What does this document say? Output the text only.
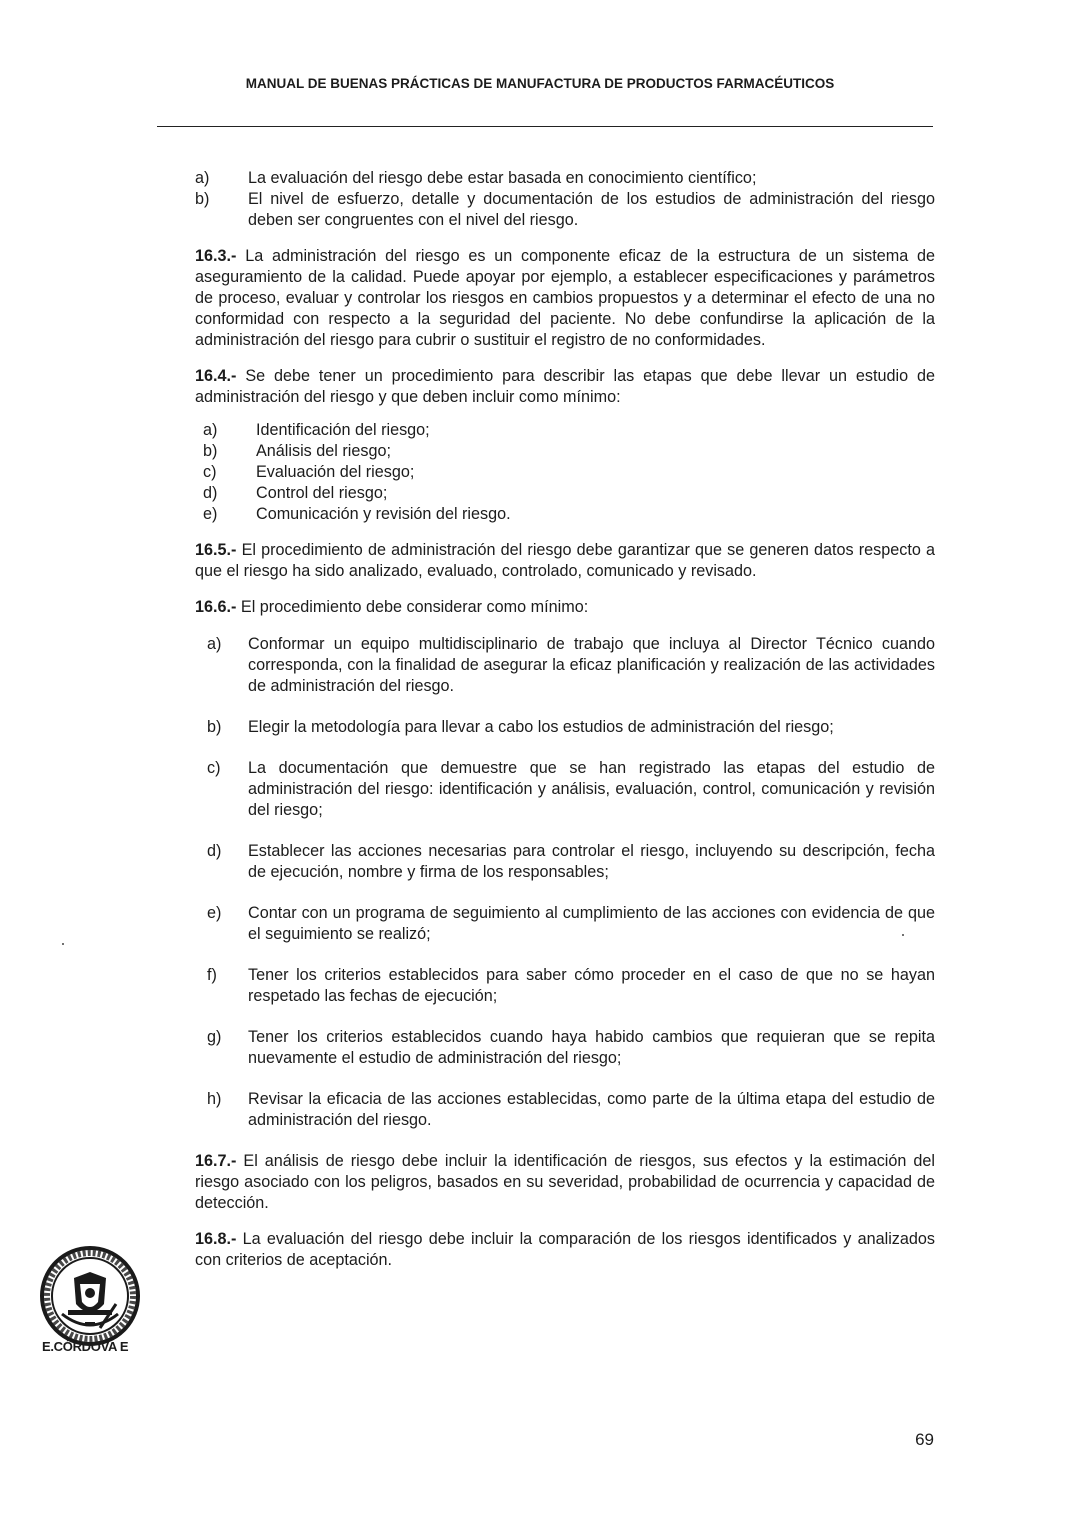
MANUAL DE BUENAS PRÁCTICAS DE MANUFACTURA DE PRODUCTOS FARMACÉUTICOS
a)	La evaluación del riesgo debe estar basada en conocimiento científico;
b)	El nivel de esfuerzo, detalle y documentación de los estudios de administración del riesgo deben ser congruentes con el nivel del riesgo.

16.3.- La administración del riesgo es un componente eficaz de la estructura de un sistema de aseguramiento de la calidad. Puede apoyar por ejemplo, a establecer especificaciones y parámetros de proceso, evaluar y controlar los riesgos en cambios propuestos y a determinar el efecto de una no conformidad con respecto a la seguridad del paciente. No debe confundirse la aplicación de la administración del riesgo para cubrir o sustituir el registro de no conformidades.

16.4.- Se debe tener un procedimiento para describir las etapas que debe llevar un estudio de administración del riesgo y que deben incluir como mínimo:

a)	Identificación del riesgo;
b)	Análisis del riesgo;
c)	Evaluación del riesgo;
d)	Control del riesgo;
e)	Comunicación y revisión del riesgo.

16.5.- El procedimiento de administración del riesgo debe garantizar que se generen datos respecto a que el riesgo ha sido analizado, evaluado, controlado, comunicado y revisado.

16.6.- El procedimiento debe considerar como mínimo:

a)	Conformar un equipo multidisciplinario de trabajo que incluya al Director Técnico cuando corresponda, con la finalidad de asegurar la eficaz planificación y realización de las actividades de administración del riesgo.
b)	Elegir la metodología para llevar a cabo los estudios de administración del riesgo;
c)	La documentación que demuestre que se han registrado las etapas del estudio de administración del riesgo: identificación y análisis, evaluación, control, comunicación y revisión del riesgo;
d)	Establecer las acciones necesarias para controlar el riesgo, incluyendo su descripción, fecha de ejecución, nombre y firma de los responsables;
e)	Contar con un programa de seguimiento al cumplimiento de las acciones con evidencia de que el seguimiento se realizó;
f)	Tener los criterios establecidos para saber cómo proceder en el caso de que no se hayan respetado las fechas de ejecución;
g)	Tener los criterios establecidos cuando haya habido cambios que requieran que se repita nuevamente el estudio de administración del riesgo;
h)	Revisar la eficacia de las acciones establecidas, como parte de la última etapa del estudio de administración del riesgo.

16.7.- El análisis de riesgo debe incluir la identificación de riesgos, sus efectos y la estimación del riesgo asociado con los peligros, basados en su severidad, probabilidad de ocurrencia y capacidad de detección.

16.8.- La evaluación del riesgo debe incluir la comparación de los riesgos identificados y analizados con criterios de aceptación.

E.CÓRDOVA E
69
